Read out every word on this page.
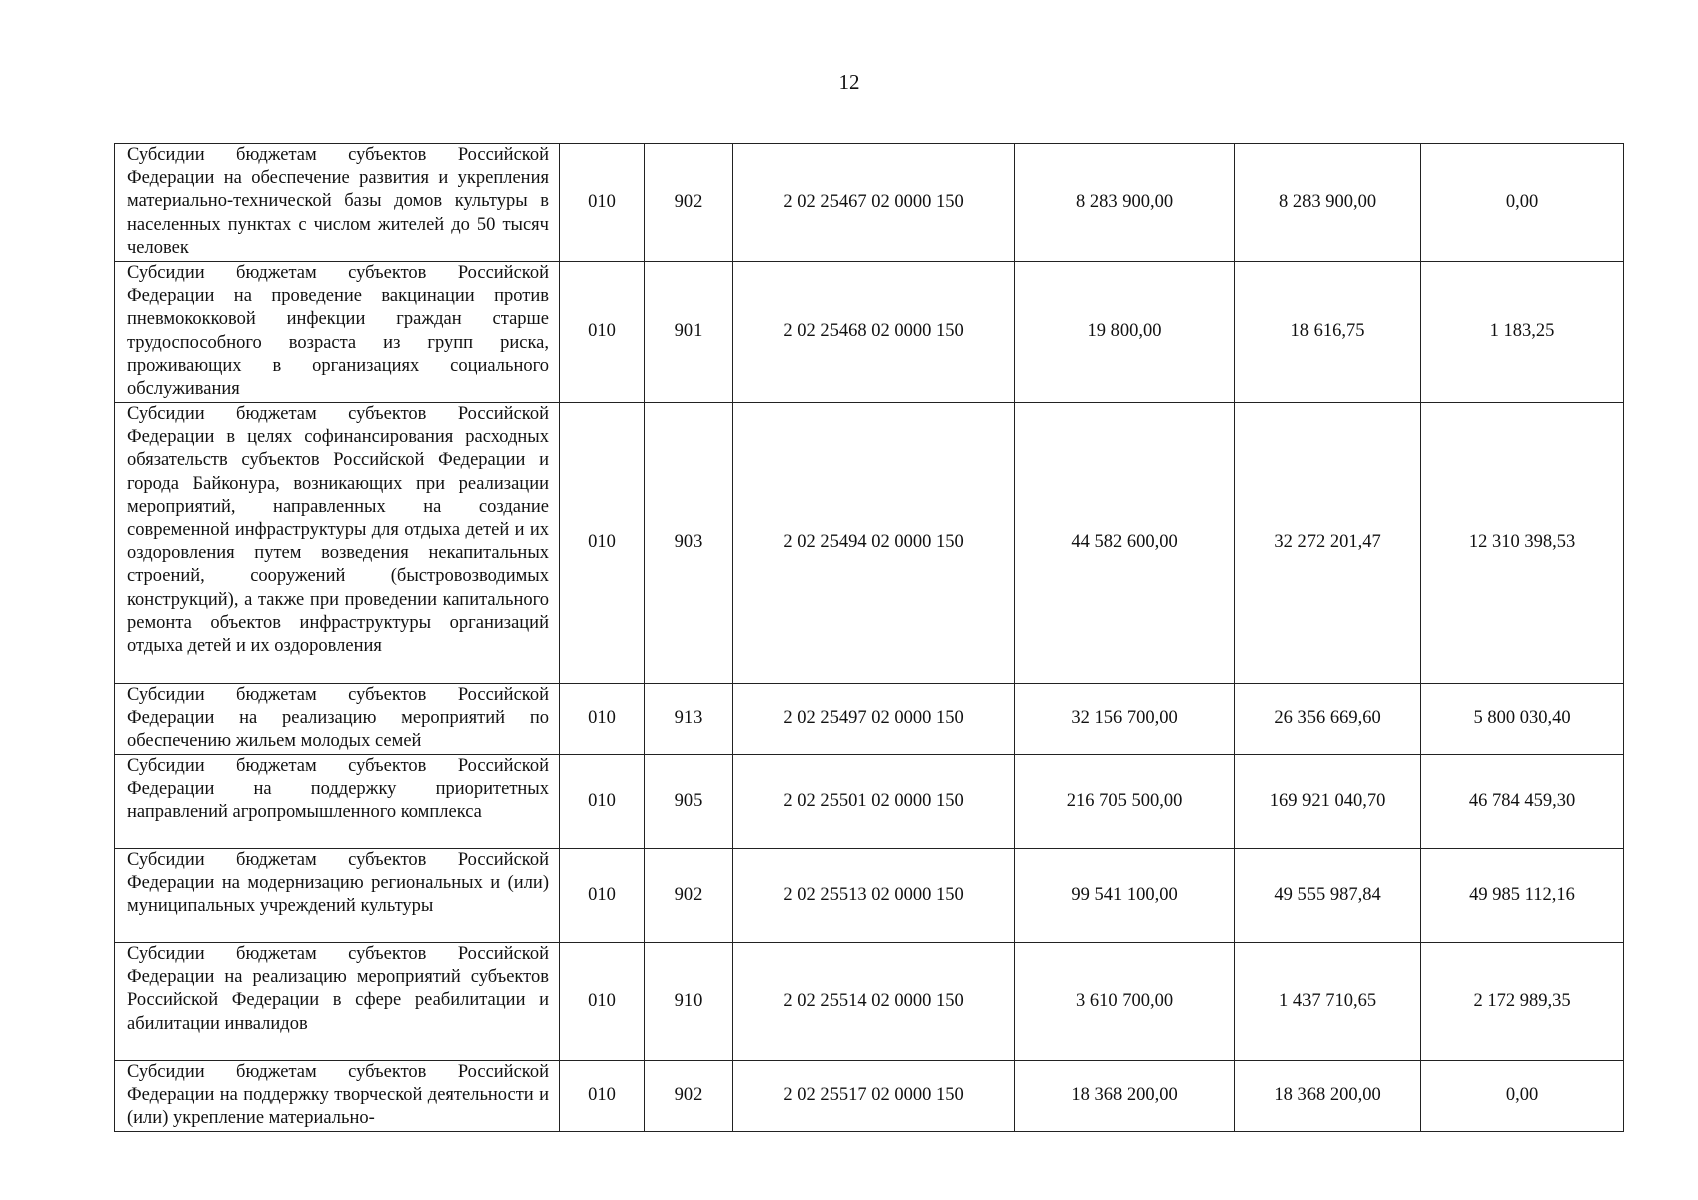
12
Субсидии бюджетам субъектов Российской Федерации на обеспечение развития и укрепления материально-технической базы домов культуры в населенных пунктах с числом жителей до 50 тысяч человек	010	902	2 02 25467 02 0000 150	8 283 900,00	8 283 900,00	0,00
Субсидии бюджетам субъектов Российской Федерации на проведение вакцинации против пневмококковой инфекции граждан старше трудоспособного возраста из групп риска, проживающих в организациях социального обслуживания	010	901	2 02 25468 02 0000 150	19 800,00	18 616,75	1 183,25
Субсидии бюджетам субъектов Российской Федерации в целях софинансирования расходных обязательств субъектов Российской Федерации и города Байконура, возникающих при реализации мероприятий, направленных на создание современной инфраструктуры для отдыха детей и их оздоровления путем возведения некапитальных строений, сооружений (быстровозводимых конструкций), а также при проведении капитального ремонта объектов инфраструктуры организаций отдыха детей и их оздоровления	010	903	2 02 25494 02 0000 150	44 582 600,00	32 272 201,47	12 310 398,53
Субсидии бюджетам субъектов Российской Федерации на реализацию мероприятий по обеспечению жильем молодых семей	010	913	2 02 25497 02 0000 150	32 156 700,00	26 356 669,60	5 800 030,40
Субсидии бюджетам субъектов Российской Федерации на поддержку приоритетных направлений агропромышленного комплекса	010	905	2 02 25501 02 0000 150	216 705 500,00	169 921 040,70	46 784 459,30
Субсидии бюджетам субъектов Российской Федерации на модернизацию региональных и (или) муниципальных учреждений культуры	010	902	2 02 25513 02 0000 150	99 541 100,00	49 555 987,84	49 985 112,16
Субсидии бюджетам субъектов Российской Федерации на реализацию мероприятий субъектов Российской Федерации в сфере реабилитации и абилитации инвалидов	010	910	2 02 25514 02 0000 150	3 610 700,00	1 437 710,65	2 172 989,35
Субсидии бюджетам субъектов Российской Федерации на поддержку творческой деятельности и (или) укрепление материально-	010	902	2 02 25517 02 0000 150	18 368 200,00	18 368 200,00	0,00
